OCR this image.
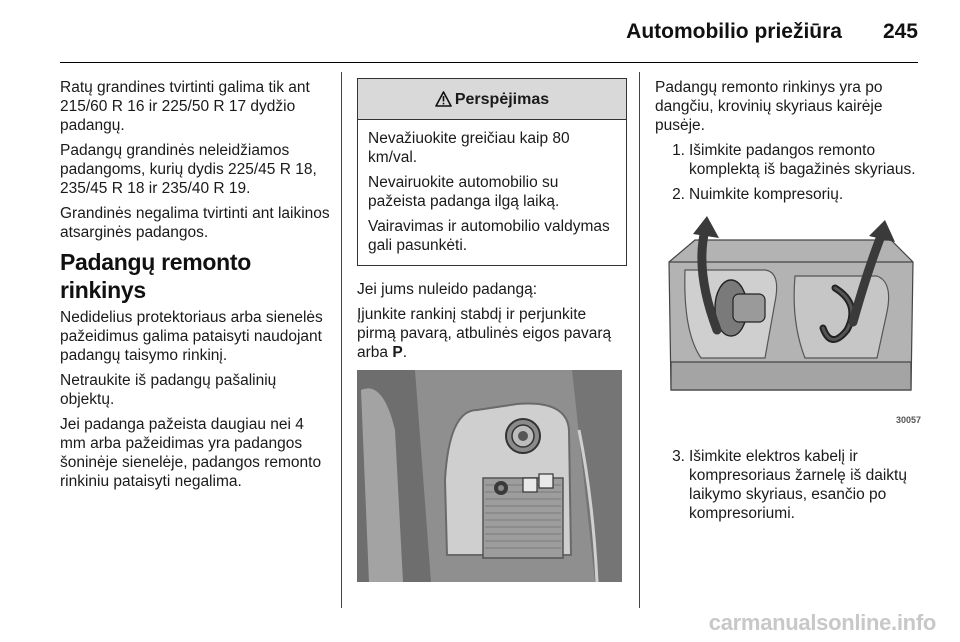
Automobilio priežiūra 245

Ratų grandines tvirtinti galima tik ant 215/60 R 16 ir 225/50 R 17 dydžio padangų.

Padangų grandinės neleidžiamos padangoms, kurių dydis 225/45 R 18, 235/45 R 18 ir 235/40 R 19.

Grandinės negalima tvirtinti ant laikinos atsarginės padangos.

Padangų remonto rinkinys

Nedidelius protektoriaus arba sienelės pažeidimus galima pataisyti naudojant padangų taisymo rinkinį.

Netraukite iš padangų pašalinių objektų.

Jei padanga pažeista daugiau nei 4 mm arba pažeidimas yra padangos šoninėje sienelėje, padangos remonto rinkiniu pataisyti negalima.

Perspėjimas

Nevažiuokite greičiau kaip 80 km/val.

Nevairuokite automobilio su pažeista padanga ilgą laiką.

Vairavimas ir automobilio valdymas gali pasunkėti.

Jei jums nuleido padangą:

Įjunkite rankinį stabdį ir perjunkite pirmą pavarą, atbulinės eigos pavarą arba P.

Padangų remonto rinkinys yra po dangčiu, krovinių skyriaus kairėje pusėje.

1. Išimkite padangos remonto komplektą iš bagažinės skyriaus.
2. Nuimkite kompresorių.
30057
3. Išimkite elektros kabelį ir kompresoriaus žarnelę iš daiktų laikymo skyriaus, esančio po kompresoriumi.
carmanualsonline.info
